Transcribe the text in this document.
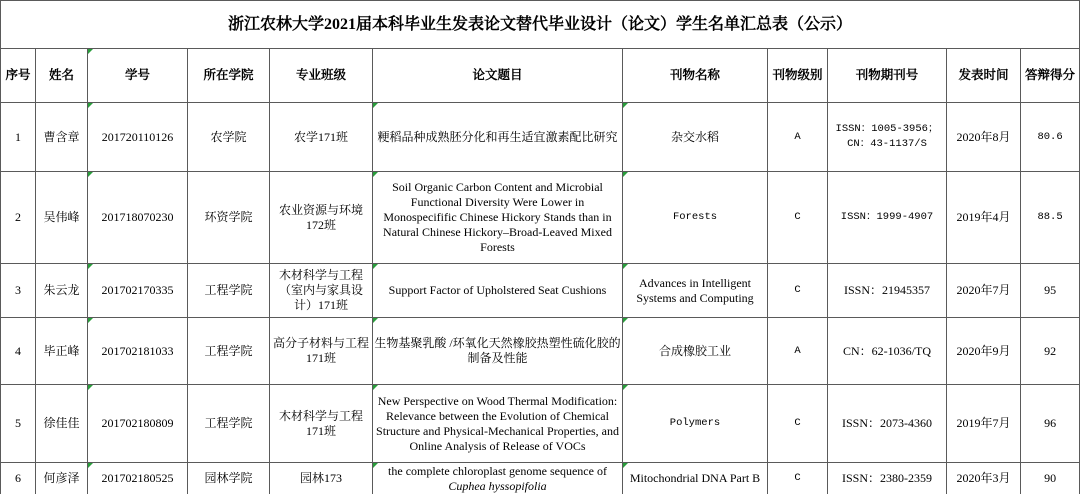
浙江农林大学2021届本科毕业生发表论文替代毕业设计（论文）学生名单汇总表（公示）										
序号	姓名	学号	所在学院	专业班级	论文题目	刊物名称	刊物级别	刊物期刊号	发表时间	答辩得分
1	曹含章	201720110126	农学院	农学171班	粳稻品种成熟胚分化和再生适宜激素配比研究	杂交水稻	A	ISSN：1005-3956；CN：43-1137/S	2020年8月	80.6
2	吴伟峰	201718070230	环资学院	农业资源与环境172班	Soil Organic Carbon Content and Microbial Functional Diversity Were Lower in Monospecifific Chinese Hickory Stands than in Natural Chinese Hickory–Broad-Leaved Mixed Forests	Forests	C	ISSN：1999-4907	2019年4月	88.5
3	朱云龙	201702170335	工程学院	木材科学与工程（室内与家具设计）171班	Support Factor of Upholstered Seat Cushions	Advances in Intelligent Systems and Computing	C	ISSN：21945357	2020年7月	95
4	毕正峰	201702181033	工程学院	高分子材料与工程171班	生物基聚乳酸 /环氧化天然橡胶热塑性硫化胶的制备及性能	合成橡胶工业	A	CN：62-1036/TQ	2020年9月	92
5	徐佳佳	201702180809	工程学院	木材科学与工程171班	New Perspective on Wood Thermal Modification: Relevance between the Evolution of Chemical Structure and Physical-Mechanical Properties, and Online Analysis of Release of VOCs	Polymers	C	ISSN：2073-4360	2019年7月	96
6	何彦泽	201702180525	园林学院	园林173	the complete chloroplast genome sequence of Cuphea hyssopifolia	Mitochondrial DNA Part B	C	ISSN：2380-2359	2020年3月	90
